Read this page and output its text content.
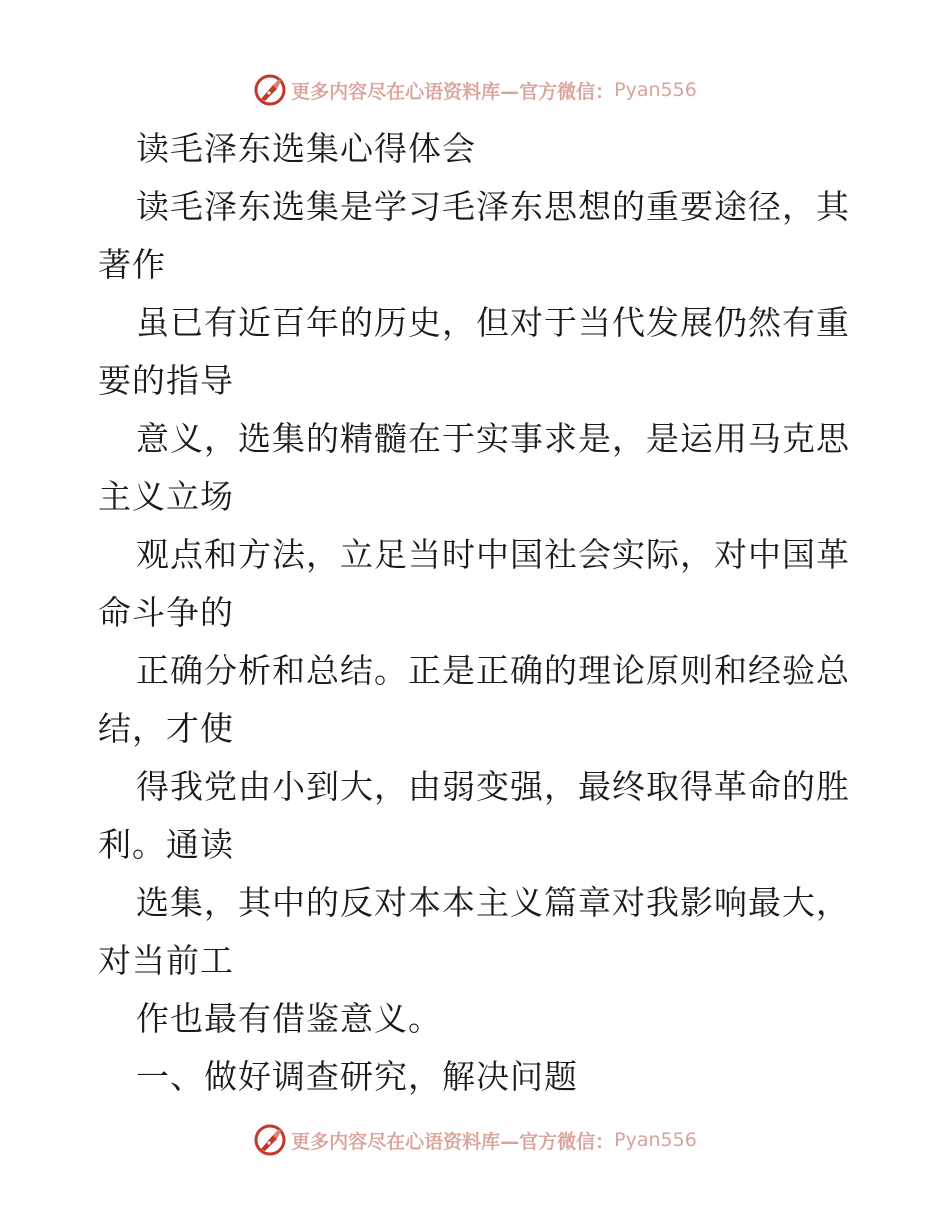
更多内容尽在心语资料库—官方微信： Pyan556
读毛泽东选集心得体会
读毛泽东选集是学习毛泽东思想的重要途径，其
著作
虽已有近百年的历史，但对于当代发展仍然有重
要的指导
意义，选集的精髓在于实事求是，是运用马克思
主义立场
观点和方法，立足当时中国社会实际，对中国革
命斗争的
正确分析和总结。正是正确的理论原则和经验总
结，才使
得我党由小到大，由弱变强，最终取得革命的胜
利。通读
选集，其中的反对本本主义篇章对我影响最大，
对当前工
作也最有借鉴意义。
一、做好调查研究，解决问题
更多内容尽在心语资料库—官方微信： Pyan556
